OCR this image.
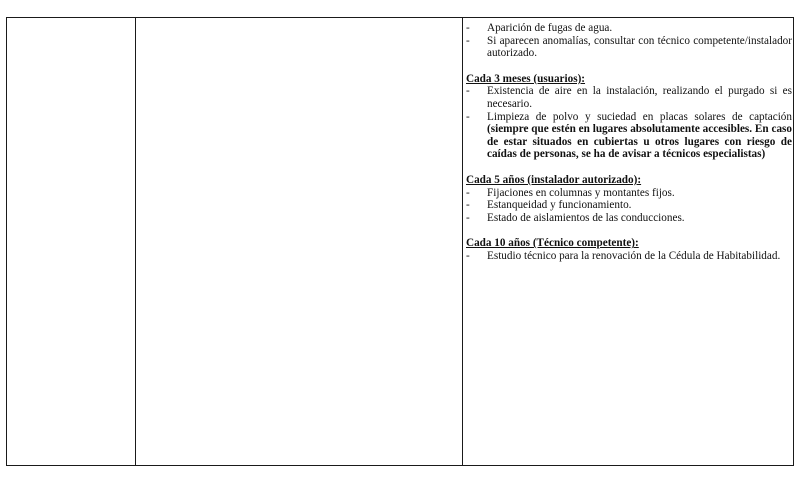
- Aparición de fugas de agua.
- Si aparecen anomalías, consultar con técnico competente/instalador autorizado.
Cada 3 meses (usuarios):
- Existencia de aire en la instalación, realizando el purgado si es necesario.
- Limpieza de polvo y suciedad en placas solares de captación (siempre que estén en lugares absolutamente accesibles. En caso de estar situados en cubiertas u otros lugares con riesgo de caídas de personas, se ha de avisar a técnicos especialistas)
Cada 5 años (instalador autorizado):
- Fijaciones en columnas y montantes fijos.
- Estanqueidad y funcionamiento.
- Estado de aislamientos de las conducciones.
Cada 10 años (Técnico competente):
- Estudio técnico para la renovación de la Cédula de Habitabilidad.
